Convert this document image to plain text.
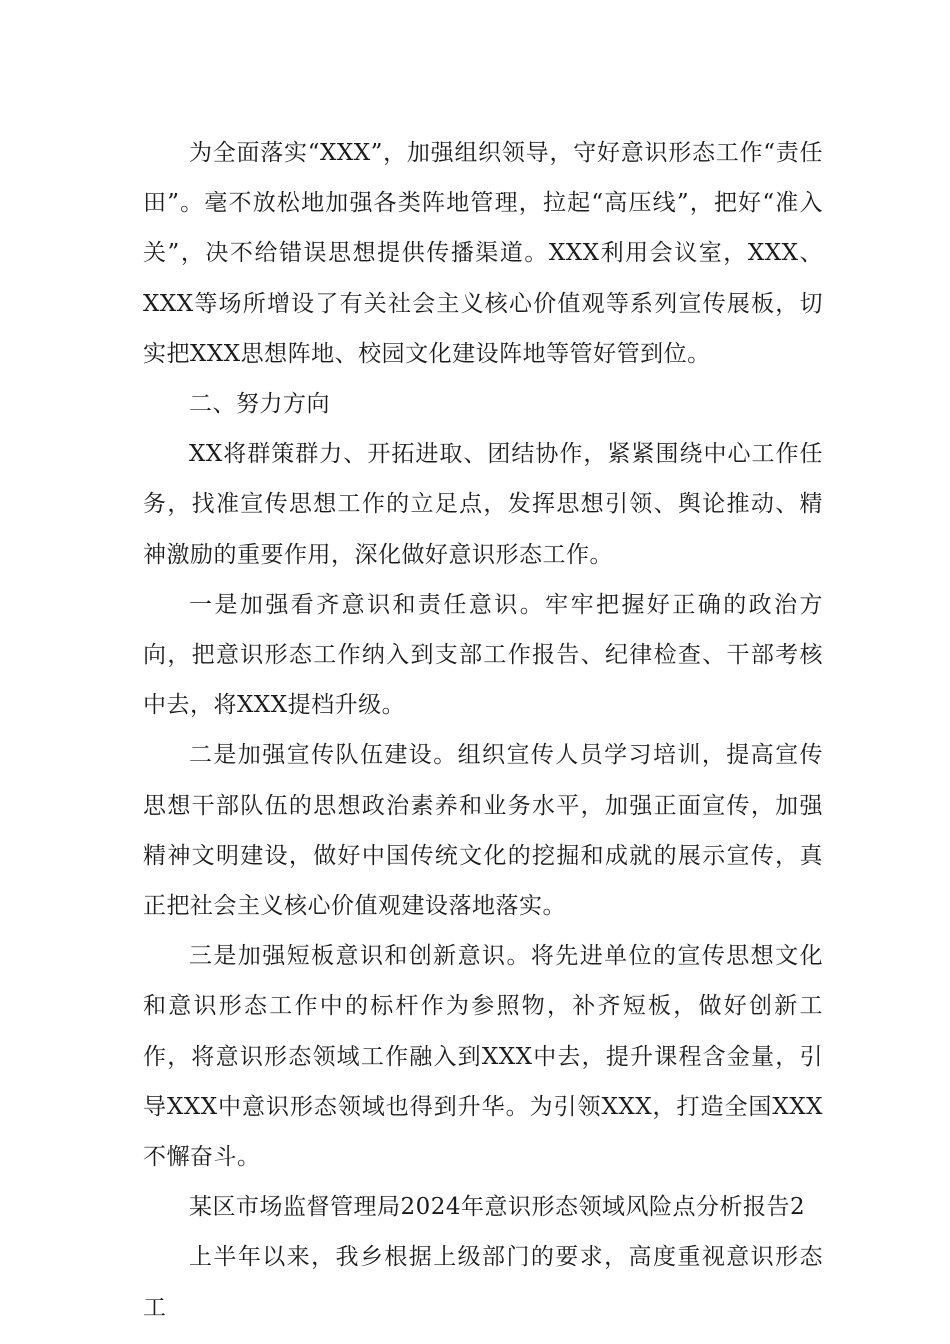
为全面落实“XXX”，加强组织领导，守好意识形态工作“责任田”。毫不放松地加强各类阵地管理，拉起“高压线”，把好“准入关”，决不给错误思想提供传播渠道。XXX利用会议室，XXX、XXX等场所增设了有关社会主义核心价值观等系列宣传展板，切实把XXX思想阵地、校园文化建设阵地等管好管到位。

二、努力方向

XX将群策群力、开拓进取、团结协作，紧紧围绕中心工作任务，找准宣传思想工作的立足点，发挥思想引领、舆论推动、精神激励的重要作用，深化做好意识形态工作。

一是加强看齐意识和责任意识。牢牢把握好正确的政治方向，把意识形态工作纳入到支部工作报告、纪律检查、干部考核中去，将XXX提档升级。

二是加强宣传队伍建设。组织宣传人员学习培训，提高宣传思想干部队伍的思想政治素养和业务水平，加强正面宣传，加强精神文明建设，做好中国传统文化的挖掘和成就的展示宣传，真正把社会主义核心价值观建设落地落实。

三是加强短板意识和创新意识。将先进单位的宣传思想文化和意识形态工作中的标杆作为参照物，补齐短板，做好创新工作，将意识形态领域工作融入到XXX中去，提升课程含金量，引导XXX中意识形态领域也得到升华。为引领XXX，打造全国XXX不懈奋斗。

某区市场监督管理局2024年意识形态领域风险点分析报告2

上半年以来，我乡根据上级部门的要求，高度重视意识形态工
